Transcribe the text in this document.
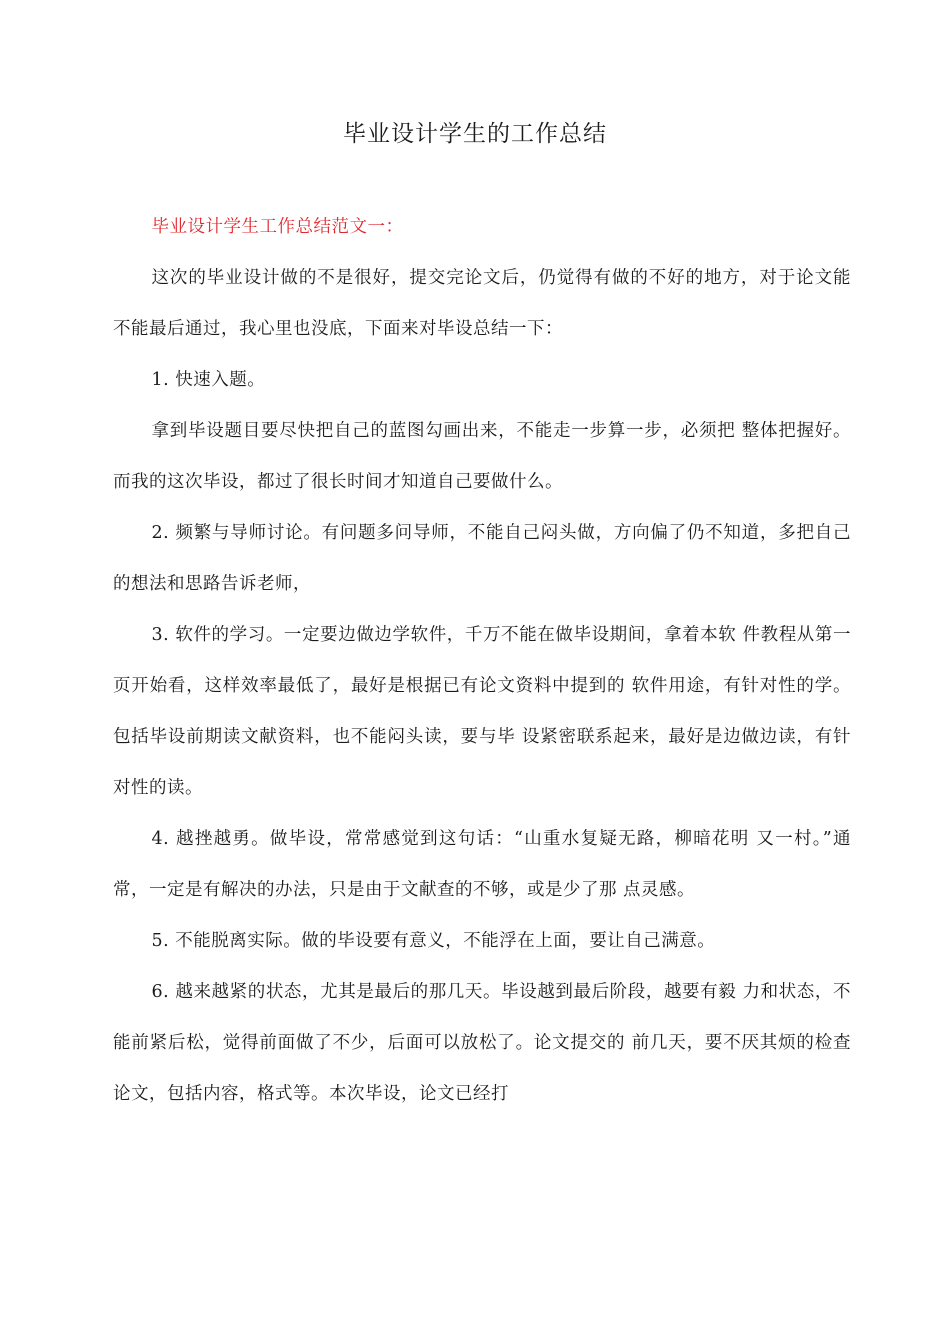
毕业设计学生的工作总结

毕业设计学生工作总结范文一：

这次的毕业设计做的不是很好，提交完论文后，仍觉得有做的不好的地方，对于论文能不能最后通过，我心里也没底，下面来对毕设总结一下：

1. 快速入题。

拿到毕设题目要尽快把自己的蓝图勾画出来，不能走一步算一步，必须把 整体把握好。而我的这次毕设，都过了很长时间才知道自己要做什么。

2. 频繁与导师讨论。有问题多问导师，不能自己闷头做，方向偏了仍不知道，多把自己的想法和思路告诉老师，

3. 软件的学习。一定要边做边学软件，千万不能在做毕设期间，拿着本软 件教程从第一页开始看，这样效率最低了，最好是根据已有论文资料中提到的 软件用途，有针对性的学。包括毕设前期读文献资料，也不能闷头读，要与毕 设紧密联系起来，最好是边做边读，有针对性的读。

4. 越挫越勇。做毕设，常常感觉到这句话：“山重水复疑无路，柳暗花明 又一村。”通常，一定是有解决的办法，只是由于文献查的不够，或是少了那 点灵感。

5. 不能脱离实际。做的毕设要有意义，不能浮在上面，要让自己满意。

6. 越来越紧的状态，尤其是最后的那几天。毕设越到最后阶段，越要有毅 力和状态，不能前紧后松，觉得前面做了不少，后面可以放松了。论文提交的 前几天，要不厌其烦的检查论文，包括内容，格式等。本次毕设，论文已经打
